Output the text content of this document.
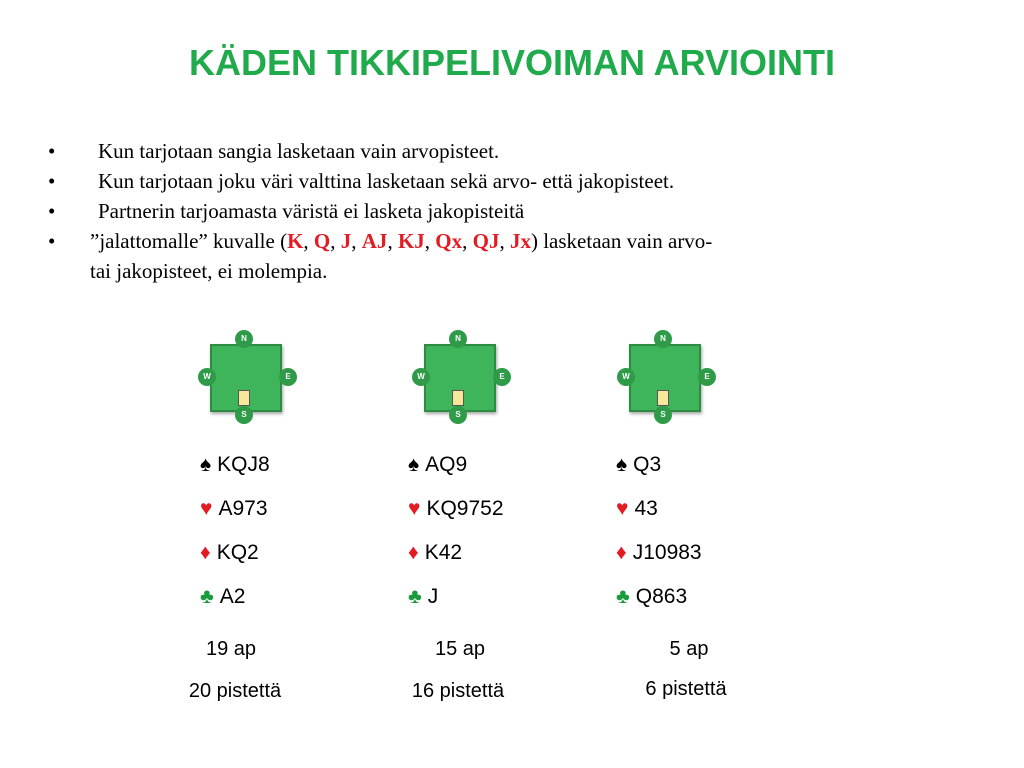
KÄDEN TIKKIPELIVOIMAN ARVIOINTI
• Kun tarjotaan sangia lasketaan vain arvopisteet.
• Kun tarjotaan joku väri valttina lasketaan sekä arvo- että jakopisteet.
• Partnerin tarjoamasta väristä ei lasketa jakopisteitä
• ”jalattomalle” kuvalle (K, Q, J, AJ, KJ, Qx, QJ, Jx) lasketaan vain arvo-
tai jakopisteet, ei molempia.
N
W	E
S
N
W	E
S
N
W	E
S
♠ KQJ8
♥ A973
♦ KQ2
♣ A2
♠ AQ9
♥ KQ9752
♦ K42
♣ J
♠ Q3
♥ 43
♦ J10983
♣ Q863
19 ap
20 pistettä
15 ap
16 pistettä
5 ap
6 pistettä
